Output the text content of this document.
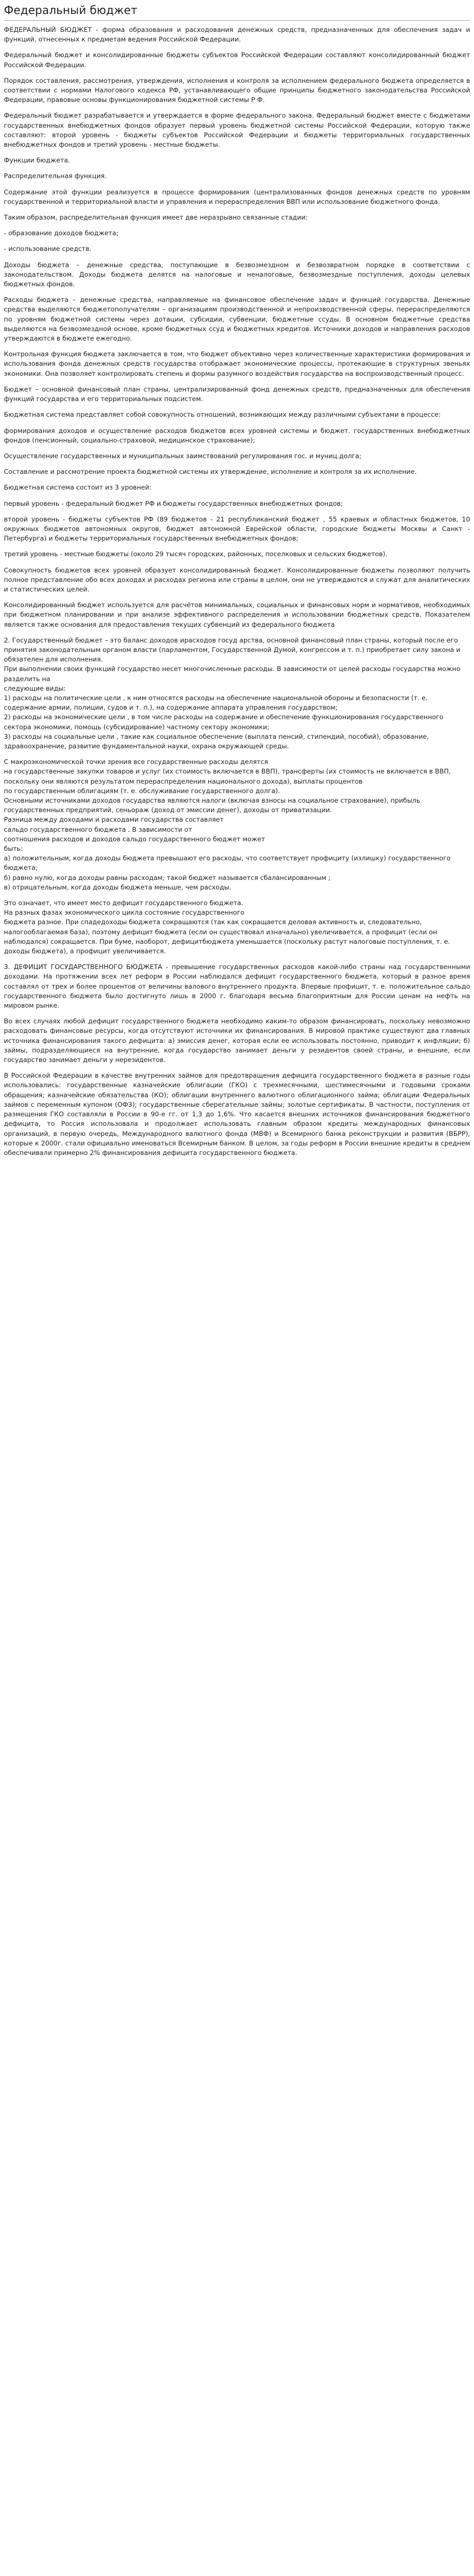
Федеральный бюджет

ФЕДЕРАЛЬНЫЙ БЮДЖЕТ - форма образования и расходования денежных средств, предназначенных для обеспечения задач и функций, отнесенных к предметам ведения Российской Федерации.

Федеральный бюджет и консолидированные бюджеты субъектов Российской Федерации составляют консолидированный бюджет Российской Федерации.

Порядок составления, рассмотрения, утверждения, исполнения и контроля за исполнением федерального бюджета определяется в соответствии с нормами Налогового кодекса РФ, устанавливающего общие принципы бюджетного законодательства Российской Федерации, правовые основы функционирования бюджетной системы Р Ф.

Федеральный бюджет разрабатывается и утверждается в форме федерального закона. Федеральный бюджет вместе с бюджетами государственных внебюджетных фондов образует первый уровень бюджетной системы Российской Федерации, которую также составляют: второй уровень - бюджеты субъектов Российской Федерации и бюджеты территориальных государственных внебюджетных фондов и третий уровень - местные бюджеты.

Функции бюджета.

Распределительная функция.

Содержание этой функции реализуется в процессе формирования (централизованных фондов денежных средств по уровням государственной и территориальной власти и управления и перераспределения ВВП или использование бюджетного фонда.

Таким образом, распределительная функция имеет две неразрывно связанные стадии:

- образование доходов бюджета;

- использование средств.

Доходы бюджета – денежные средства, поступающие в безвозмездном и безвозвратном порядке в соответствии с законодательством. Доходы бюджета делятся на налоговые и неналоговые, безвозмездные поступления, доходы целевых бюджетных фондов.

Расходы бюджета – денежные средства, направляемые на финансовое обеспечение задач и функций государства. Денежные средства выделяются бюджетополучателям – организациям производственной и непроизводственной сферы, перераспределяются по уровням бюджетной системы через дотации, субсидии, субвенции, бюджетные ссуды. В основном бюджетные средства выделяются на безвозмездной основе, кроме бюджетных ссуд и бюджетных кредитов. Источники доходов и направления расходов утверждаются в бюджете ежегодно.

Контрольная функция бюджета заключается в том, что бюджет объективно через количественные характеристики формирования и использования фонда денежных средств государства отображает экономические процессы, протекающие в структурных звеньях экономики. Она позволяет контролировать степень и формы разумного воздействия государства на воспроизводственный процесс.

Бюджет – основной финансовый план страны, централизированный фонд денежных средств, предназначенных для обеспечения функций государства и его территориальных подсистем.

Бюджетная система представляет собой совокупность отношений, возникающих между различными субъектами в процессе:

формирования доходов и осуществление расходов бюджетов всех уровней системы и бюджет. государственных внебюджетных фондов (пенсионный, социально-страховой, медицинское страхование);

Осуществление государственных и муниципальных заимствований регулирования гос. и муниц.долга;

Составление и рассмотрение проекта бюджетной системы их утверждение, исполнение и контроля за их исполнение.

Бюджетная система состоит из 3 уровней:

первый уровень - федеральный бюджет РФ и бюджеты государственных внебюджетных фондов;

второй уровень - бюджеты субъектов РФ (89 бюджетов - 21 республиканский бюджет , 55 краевых и областных бюджетов, 10 окружных бюджетов автономных округов, бюджет автономной Еврейской области, городские бюджеты Москвы и Санкт - Петербурга) и бюджеты территориальных государственных внебюджетных фондов;

третий уровень - местные бюджеты (около 29 тысяч городских, районных, поселковых и сельских бюджетов).

Совокупность бюджетов всех уровней образует консолидированный бюджет. Консолидированные бюджеты позволяют получить полное представление обо всех доходах и расходах региона или страны в целом, они не утверждаются и служат для аналитических и статистических целей.

Консолидированный бюджет используется для расчётов минимальных, социальных и финансовых норм и нормативов, необходимых при бюджетном планировании и при анализе эффективного распределения и использовании бюджетных средств. Показателем является также основания для предоставления текущих субвенций из федерального бюджета

2. Государственный бюджет – это баланс доходов ирасходов госуд арства, основной финансовый план страны, который после его принятия законодательным органом власти (парламентом, Государственной Думой, конгрессом и т. п.) приобретает силу закона и обязателен для исполнения.
При выполнении своих функций государство несет многочисленные расходы. В зависимости от целей расходы государства можно разделить на
следующие виды:
1) расходы на политические цели , к ним относятся расходы на обеспечение национальной обороны и безопасности (т. е. содержание армии, полиции, судов и т. п.), на содержание аппарата управления государством;
2) расходы на экономические цели , в том числе расходы на содержание и обеспечение функционирования государственного сектора экономики, помощь (субсидирование) частному сектору экономики;
3) расходы на социальные цели , такие как социальное обеспечение (выплата пенсий, стипендий, пособий), образование, здравоохранение, развитие фундаментальной науки, охрана окружающей среды.

С макроэкономической точки зрения все государственные расходы делятся
на государственные закупки товаров и услуг (их стоимость включается в ВВП), трансферты (их стоимость не включается в ВВП, поскольку они являются результатом перераспределения национального дохода), выплаты процентов
по государственным облигациям (т. е. обслуживание государственного долга).
Основными источниками доходов государства являются налоги (включая взносы на социальное страхование), прибыль государственных предприятий, сеньораж (доход от эмиссии денег), доходы от приватизации.
Разница между доходами и расходами государства составляет
сальдо государственного бюджета . В зависимости от
соотношения расходов и доходов сальдо государственного бюджет может
быть:
а) положительным, когда доходы бюджета превышают его расходы, что соответствует профициту (излишку) государственного бюджета;
б) равно нулю, когда доходы равны расходам; такой бюджет называется сбалансированным ;
в) отрицательным, когда доходы бюджета меньше, чем расходы.

Это означает, что имеет место дефицит государственного бюджета.
На разных фазах экономического цикла состояние государственного
бюджета разное. При спадедоходы бюджета сокращаются (так как сокращается деловая активность и, следовательно, налогооблагаемая база), поэтому дефицит бюджета (если он существовал изначально) увеличивается, а профицит (если он наблюдался) сокращается. При буме, наоборот, дефицитбюджета уменьшается (поскольку растут налоговые поступления, т. е. доходы бюджета), а профицит увеличивается.

3. ДЕФИЦИТ ГОСУДАРСТВЕННОГО БЮДЖЕТА - превышение государственных расходов какой-либо страны над государственными доходами. На протяжении всех лет реформ в России наблюдался дефицит государственного бюджета, который в разное время составлял от трех и более процентов от величины валового внутреннего продукта. Впервые профицит, т. е. положительное сальдо государственного бюджета было достигнуто лишь в 2000 г. благодаря весьма благоприятным для России ценам на нефть на мировом рынке.

Во всех случаях любой дефицит государственного бюджета необходимо каким-то образом финансировать, поскольку невозможно расходовать финансовые ресурсы, когда отсутствуют источники их финансирования. В мировой практике существуют два главных источника финансирования такого дефицита: а) эмиссия денег, которая если ее использовать постоянно, приводит к инфляции; б) займы, подразделяющиеся на внутренние, когда государство занимает деньги у резидентов своей страны, и внешние, если государство занимает деньги у нерезидентов.

В Российской Федерации в качестве внутренних займов для предотвращения дефицита государственного бюджета в разные годы использовались: государственные казначейские облигации (ГКО) с трехмесячными, шестимесячными и годовыми сроками обращения; казначейские обязательства (КО); облигации внутреннего валютного облигационного займа; облигации Федеральных займов с переменным купоном (ОФЗ); государственные сберегательные займы; золотые сертификаты. В частности, поступления от размещения ГКО составляли в России в 90-е гг. от 1,3 до 1,6%. Что касается внешних источников финансирования бюджетного дефицита, то Россия использовала и продолжает использовать главным образом кредиты международных финансовых организаций, в первую очередь, Международного валютного фонда (МВФ) и Всемирного банка реконструкции и развития (ВБРР), которые к 2000г. стали официально именоваться Всемирным банком. В целом, за годы реформ в России внешние кредиты в среднем обеспечивали примерно 2% финансирования дефицита государственного бюджета.
